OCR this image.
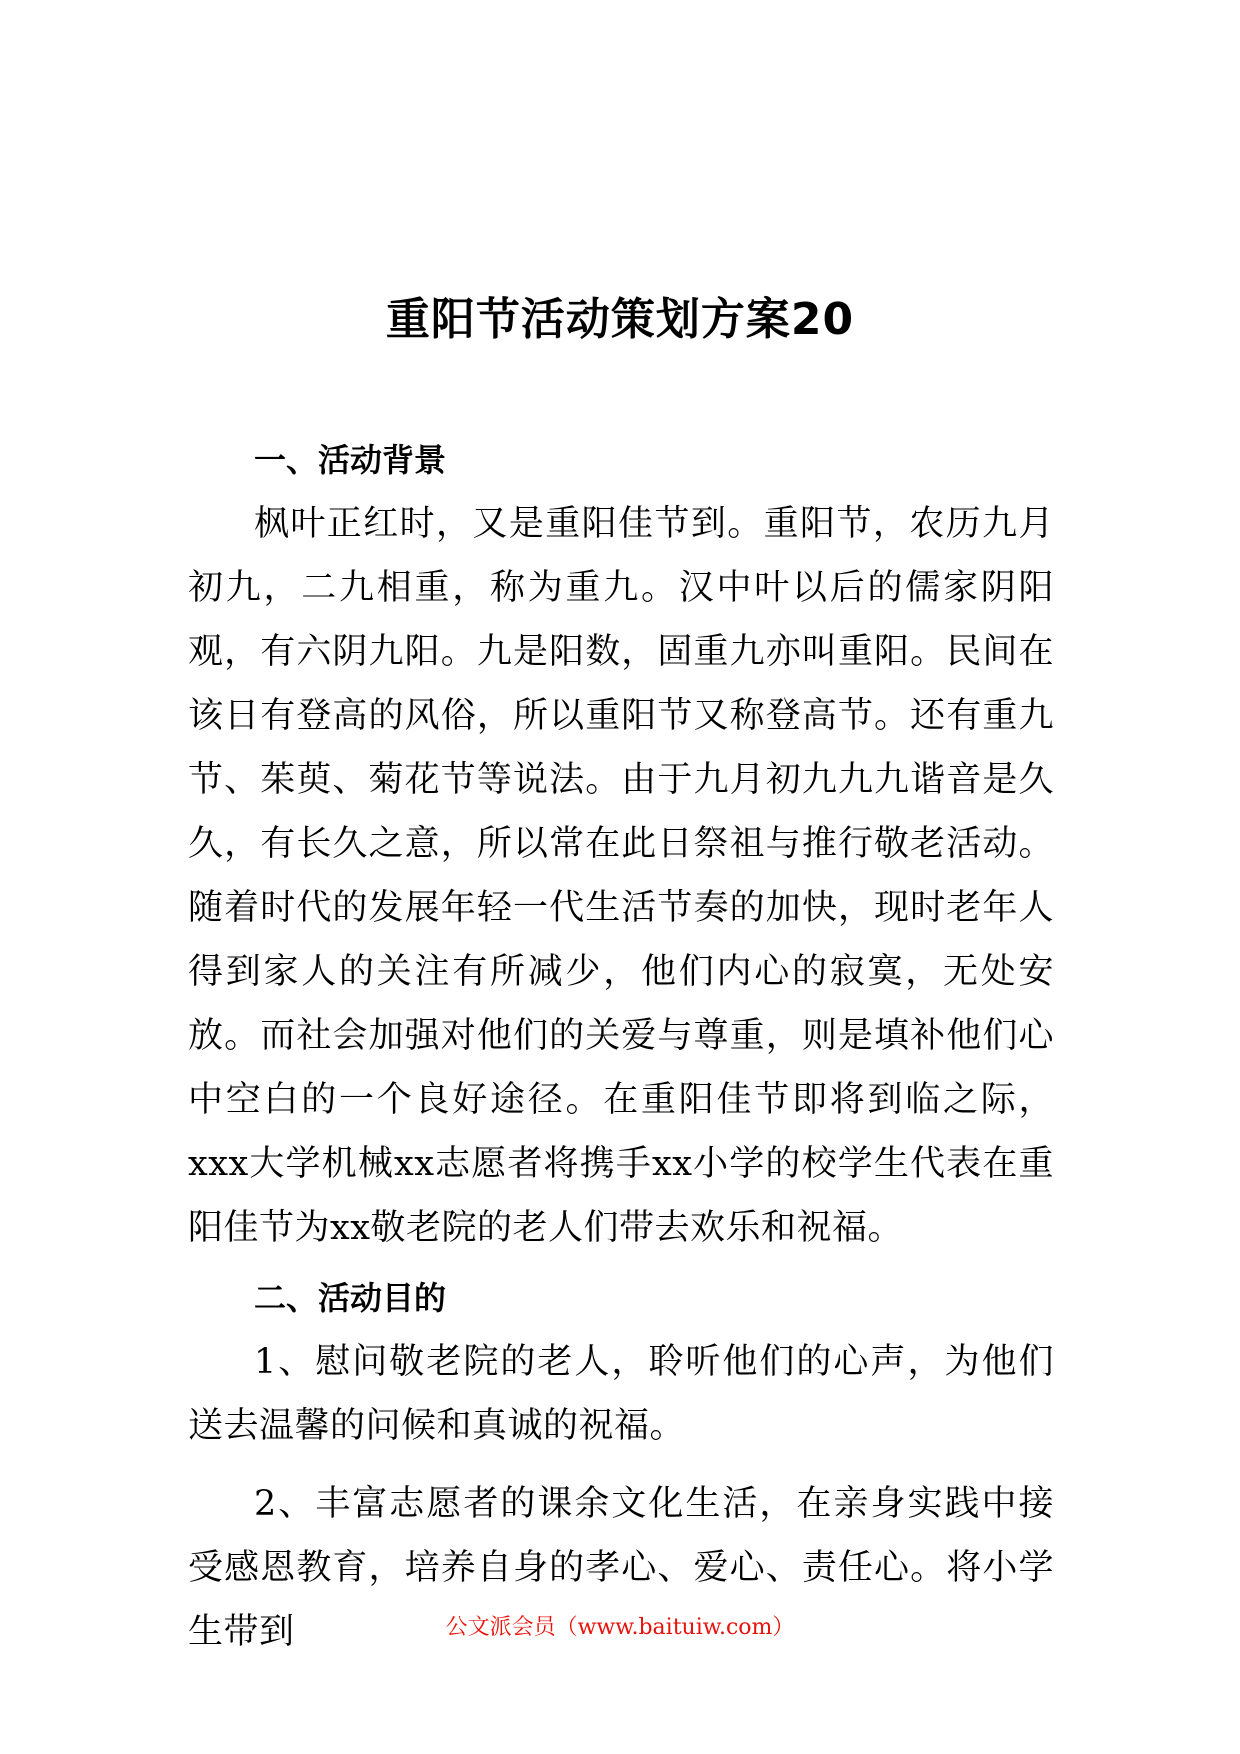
重阳节活动策划方案20

一、活动背景

枫叶正红时，又是重阳佳节到。重阳节，农历九月初九，二九相重，称为重九。汉中叶以后的儒家阴阳观，有六阴九阳。九是阳数，固重九亦叫重阳。民间在该日有登高的风俗，所以重阳节又称登高节。还有重九节、茱萸、菊花节等说法。由于九月初九九九谐音是久久，有长久之意，所以常在此日祭祖与推行敬老活动。随着时代的发展年轻一代生活节奏的加快，现时老年人得到家人的关注有所减少，他们内心的寂寞，无处安放。而社会加强对他们的关爱与尊重，则是填补他们心中空白的一个良好途径。在重阳佳节即将到临之际，xxx大学机械xx志愿者将携手xx小学的校学生代表在重阳佳节为xx敬老院的老人们带去欢乐和祝福。

二、活动目的

1、慰问敬老院的老人，聆听他们的心声，为他们送去温馨的问候和真诚的祝福。

2、丰富志愿者的课余文化生活，在亲身实践中接受感恩教育，培养自身的孝心、爱心、责任心。将小学生带到	公文派会员（www.baituiw.com）
